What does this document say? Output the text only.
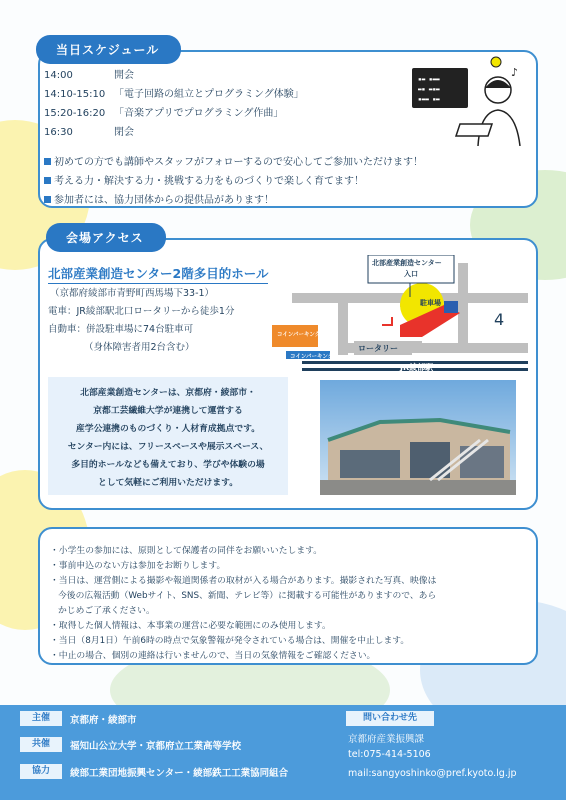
当日スケジュール
14:00	開会
14:10-15:10 「電子回路の組立とプログラミング体験」
15:20-16:20 「音楽アプリでプログラミング作曲」
16:30	閉会
▪▬ ▪▬▬
▬▪ ▬▪▬
▪▬▬ ▪▬
♪
初めての方でも講師やスタッフがフォローするので安心してご参加いただけます！
考える力・解決する力・挑戦する力をものづくりで楽しく育てます！
参加者には、協力団体からの提供品があります！
会場アクセス
北部産業創造センター2階多目的ホール
（京都府綾部市青野町西馬場下33-1）
電車：JR綾部駅北口ロータリーから徒歩1分
自動車：併設駐車場に74台駐車可
（身体障害者用2台含む）
北部産業創造センター
入口
駐車場
コインパーキング
コインパーキング
ロータリー
JR綾部駅
4
北部産業創造センターは、京都府・綾部市・
京都工芸繊維大学が連携して運営する
産学公連携のものづくり・人材育成拠点です。
センター内には、フリースペースや展示スペース、
多目的ホールなども備えており、学びや体験の場
として気軽にご利用いただけます。
・小学生の参加には、原則として保護者の同伴をお願いいたします。
・事前申込のない方は参加をお断りします。
・当日は、運営側による撮影や報道関係者の取材が入る場合があります。撮影された写真、映像は
今後の広報活動（Webサイト、SNS、新聞、テレビ等）に掲載する可能性がありますので、あら
かじめご了承ください。
・取得した個人情報は、本事業の運営に必要な範囲にのみ使用します。
・当日（8月1日）午前6時の時点で気象警報が発令されている場合は、開催を中止します。
・中止の場合、個別の連絡は行いませんので、当日の気象情報をご確認ください。
主催	京都府・綾部市
共催	福知山公立大学・京都府立工業高等学校
協力	綾部工業団地振興センター・綾部鉄工工業協同組合
問い合わせ先
京都府産業振興課
tel:075-414-5106
mail:sangyoshinko@pref.kyoto.lg.jp
